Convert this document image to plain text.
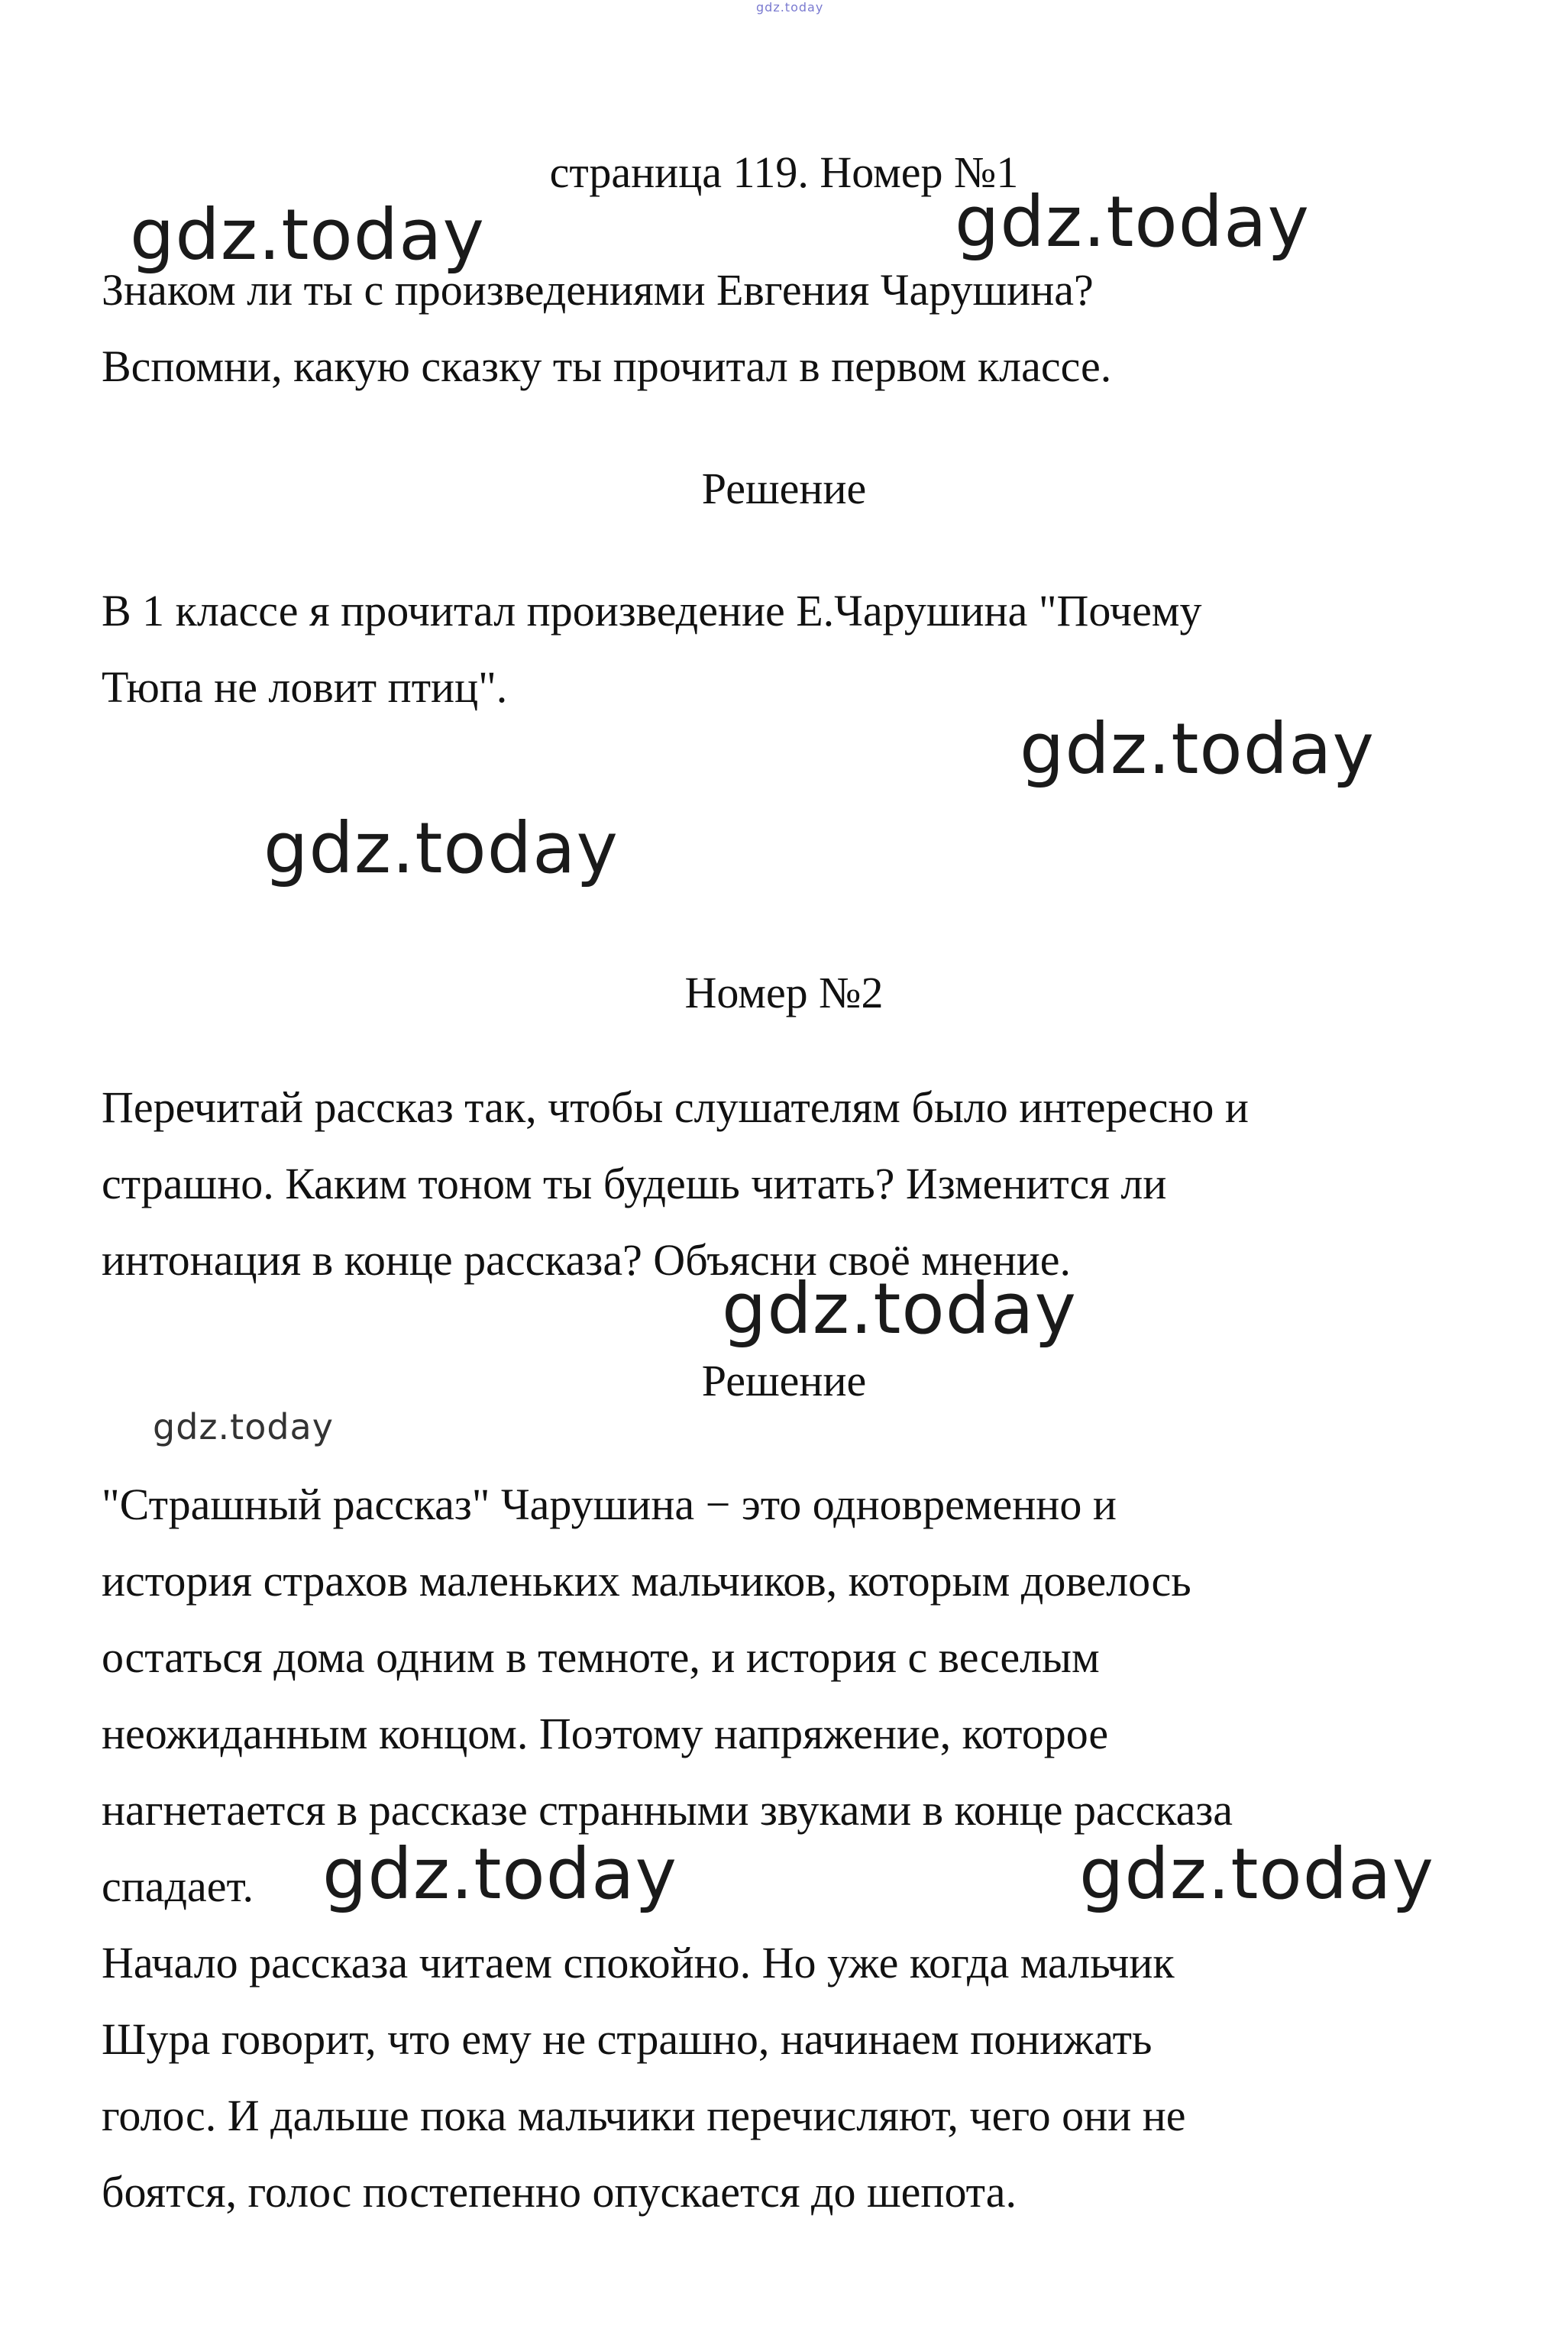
gdz.today
страница 119. Номер №1
Знаком ли ты с произведениями Евгения Чарушина?
Вспомни, какую сказку ты прочитал в первом классе.
Решение
В 1 классе я прочитал произведение Е.Чарушина "Почему
Тюпа не ловит птиц".
Номер №2
Перечитай рассказ так, чтобы слушателям было интересно и
страшно. Каким тоном ты будешь читать? Изменится ли
интонация в конце рассказа? Объясни своё мнение.
Решение
"Страшный рассказ" Чарушина − это одновременно и
история страхов маленьких мальчиков, которым довелось
остаться дома одним в темноте, и история с веселым
неожиданным концом. Поэтому напряжение, которое
нагнетается в рассказе странными звуками в конце рассказа
спадает.
Начало рассказа читаем спокойно. Но уже когда мальчик
Шура говорит, что ему не страшно, начинаем понижать
голос. И дальше пока мальчики перечисляют, чего они не
боятся, голос постепенно опускается до шепота.
gdz.today	gdz.today
gdz.today
gdz.today
gdz.today
gdz.today
gdz.today	gdz.today
